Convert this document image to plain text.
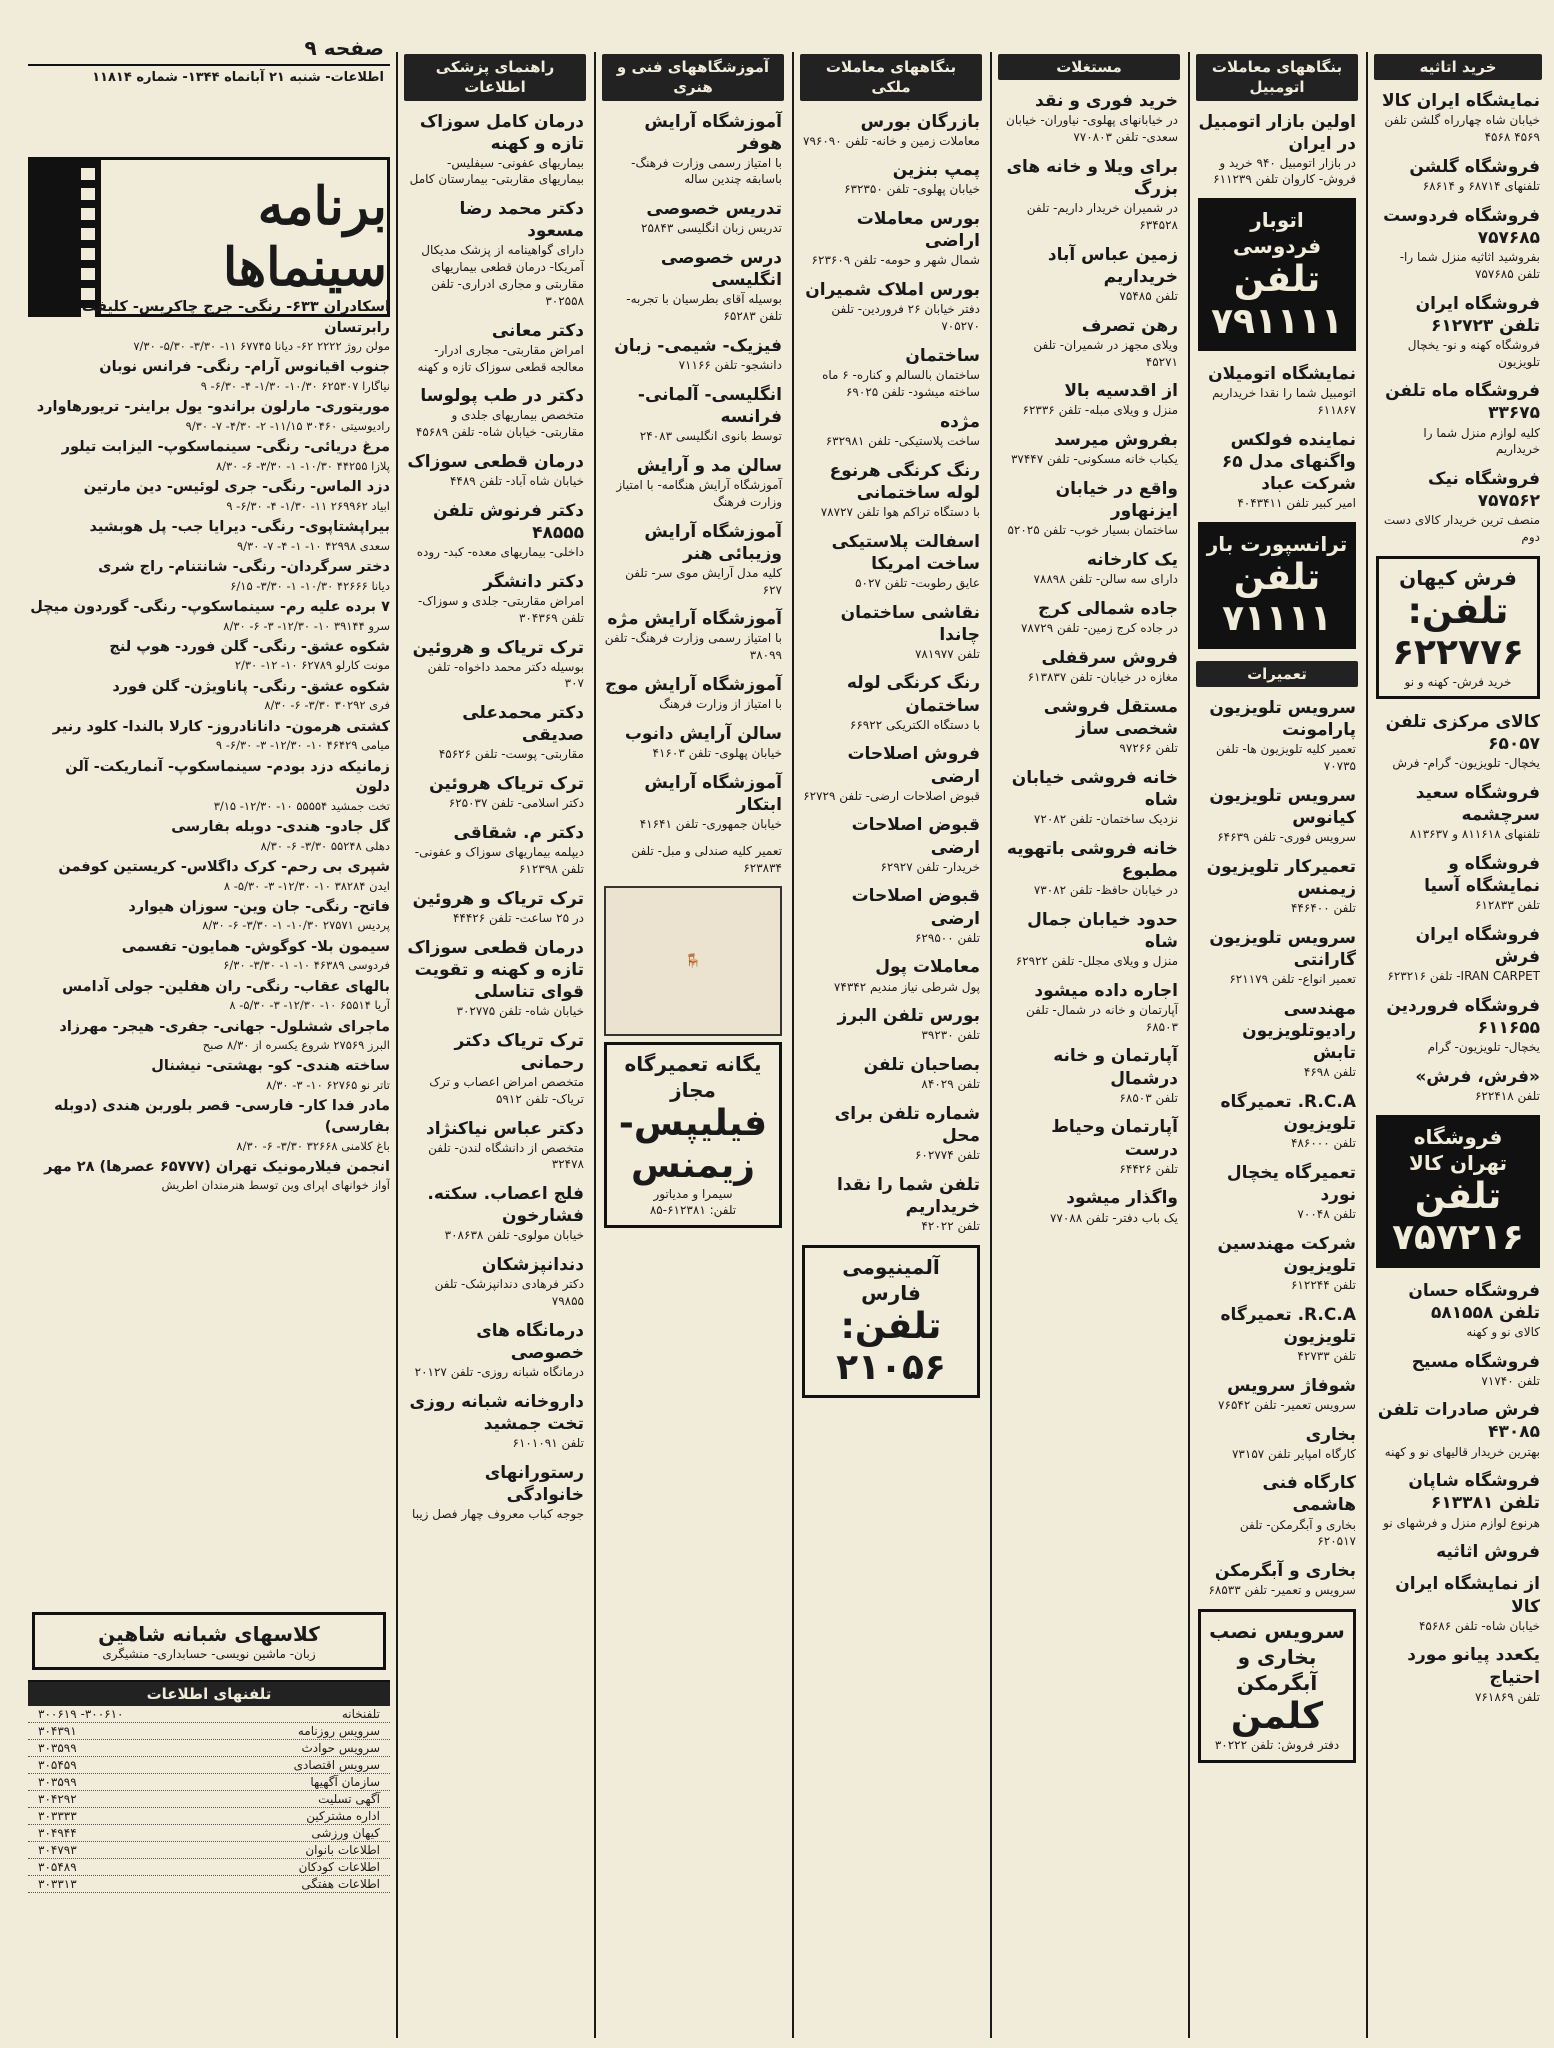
صفحه ۹
اطلاعات- شنبه ۲۱ آبانماه ۱۳۴۴- شماره ۱۱۸۱۴
برنامه سینماها
اسکادران ۶۳۳- رنگی- جرج چاکریس- کلیفت رابرتسان
مولن روژ ۲۲۲۲ ۶۲- دیانا ۶۷۷۴۵ ۱۱- ۳/۳۰- ۵/۳۰- ۷/۳۰
جنوب اقیانوس آرام- رنگی- فرانس نوبان
نیاگارا ۶۲۵۳۰۷ ۱۰/۳۰- ۱/۳۰- ۴- ۶/۳۰- ۹
موریتوری- مارلون براندو- یول براینر- تریورهاوارد
رادیوسیتی ۳۰۴۶۰ ۱۱/۱۵- ۲- ۴/۳۰- ۷- ۹/۳۰
مرغ دریائی- رنگی- سینماسکوپ- الیزابت تیلور
پلازا ۴۴۲۵۵ ۱۰/۳۰- ۱- ۳/۳۰- ۶- ۸/۳۰
دزد الماس- رنگی- جری لوئیس- دین مارتین
ابیاد ۲۶۹۹۶۲ ۱۱- ۱/۳۰- ۴- ۶/۳۰- ۹
بیراپشتاپوی- رنگی- دیرایا جب- پل هوبشید
سعدی ۴۲۹۹۸ ۱۰- ۱- ۴- ۷- ۹/۳۰
دختر سرگردان- رنگی- شانتنام- راج شری
دیانا ۴۲۶۶۶ ۱۰/۳۰- ۱- ۳/۳۰- ۶/۱۵
۷ برده علیه رم- سینماسکوپ- رنگی- گوردون میچل
سرو ۳۹۱۴۴ ۱۰- ۱۲/۳۰- ۳- ۶- ۸/۳۰
شکوه عشق- رنگی- گلن فورد- هوپ لنج
مونت کارلو ۶۲۷۸۹ ۱۰- ۱۲- ۲/۳۰
شکوه عشق- رنگی- پاناویژن- گلن فورد
فری ۳۰۲۹۲ ۳/۳۰- ۶- ۸/۳۰
کشتی هرمون- دانانادروز- کارلا بالندا- کلود رنیر
میامی ۴۶۴۲۹ ۱۰- ۱۲/۳۰- ۳- ۶/۳۰- ۹
زمانیکه دزد بودم- سینماسکوپ- آنماریکت- آلن دلون
تخت جمشید ۵۵۵۵۴ ۱۰- ۱۲/۳۰- ۳/۱۵
گل جادو- هندی- دوبله بفارسی
دهلی ۵۵۲۴۸ ۳/۳۰- ۶- ۸/۳۰
شپری بی رحم- کرک داگلاس- کریستین کوفمن
ایدن ۳۸۲۸۴ ۱۰- ۱۲/۳۰- ۳- ۵/۳۰- ۸
فاتح- رنگی- جان وین- سوزان هیوارد
پردیس ۲۷۵۷۱ ۱۰/۳۰- ۱- ۳/۳۰- ۶- ۸/۳۰
سیمون بلا- کوگوش- همایون- تفسمی
فردوسی ۴۶۳۸۹ ۱۰- ۱- ۳/۳۰- ۶/۳۰
بالهای عقاب- رنگی- ران هفلین- جولی آدامس
آریا ۶۵۵۱۴ ۱۰- ۱۲/۳۰- ۳- ۵/۳۰- ۸
ماجرای ششلول- جهانی- جفری- هیجر- مهرزاد
البرز ۲۷۵۶۹ شروع یکسره از ۸/۳۰ صبح
ساخته هندی- کو- بهشتی- نیشنال
تاتر نو ۶۲۷۶۵ ۱۰- ۳- ۸/۳۰
مادر فدا کار- فارسی- قصر بلوربن هندی (دوبله بفارسی)
باغ کلامنی ۳۲۶۶۸ ۳/۳۰- ۶- ۸/۳۰
انجمن فیلارمونیک تهران (۶۵۷۷۷ عصرها) ۲۸ مهر
آواز خوانهای اپرای وین توسط هنرمندان اطریش
کلاسهای شبانه شاهین
زبان- ماشین نویسی- حسابداری- منشیگری
تلفنهای اطلاعات
تلفنخانه
۳۰۰۶۱۰- ۳۰۰۶۱۹
سرویس روزنامه
۳۰۴۳۹۱
سرویس حوادث
۳۰۳۵۹۹
سرویس اقتصادی
۳۰۵۴۵۹
سازمان آگهیها
۳۰۳۵۹۹
آگهی تسلیت
۳۰۴۲۹۲
اداره مشترکین
۳۰۳۳۳۳
کیهان ورزشی
۳۰۴۹۴۴
اطلاعات بانوان
۳۰۴۷۹۳
اطلاعات کودکان
۳۰۵۴۸۹
اطلاعات هفتگی
۳۰۳۳۱۳
راهنمای پزشکی اطلاعات
درمان کامل سوزاک تازه و کهنه
بیماریهای عفونی- سیفلیس- بیماریهای مقاربتی- بیمارستان کامل
دکتر محمد رضا مسعود
دارای گواهینامه از پزشک مدیکال آمریکا- درمان قطعی بیماریهای مقاربتی و مجاری ادراری- تلفن ۳۰۲۵۵۸
دکتر معانی
امراض مقاربتی- مجاری ادرار- معالجه قطعی سوزاک تازه و کهنه
دکتر در طب پولوسا
متخصص بیماریهای جلدی و مقاربتی- خیابان شاه- تلفن ۴۵۶۸۹
درمان قطعی سوزاک
خیابان شاه آباد- تلفن ۴۴۸۹
دکتر فرنوش تلفن ۴۸۵۵۵
داخلی- بیماریهای معده- کبد- روده
دکتر دانشگر
امراض مقاربتی- جلدی و سوزاک- تلفن ۳۰۴۳۶۹
ترک تریاک و هروئین
بوسیله دکتر محمد داخواه- تلفن ۳۰۷
دکتر محمدعلی صدیقی
مقاربتی- پوست- تلفن ۴۵۶۲۶
ترک تریاک هروئین
دکتر اسلامی- تلفن ۶۲۵۰۳۷
دکتر م. شقاقی
دیپلمه بیماریهای سوزاک و عفونی- تلفن ۶۱۲۳۹۸
ترک تریاک و هروئین
در ۲۵ ساعت- تلفن ۴۴۴۲۶
درمان قطعی سوزاک تازه و کهنه و تقویت قوای تناسلی
خیابان شاه- تلفن ۳۰۲۷۷۵
ترک تریاک دکتر رحمانی
متخصص امراض اعصاب و ترک تریاک- تلفن ۵۹۱۲
دکتر عباس نیاکنژاد
متخصص از دانشگاه لندن- تلفن ۳۲۴۷۸
فلج اعصاب. سکته. فشارخون
خیابان مولوی- تلفن ۳۰۸۶۳۸
دندانپزشکان
دکتر فرهادی دندانپزشک- تلفن ۷۹۸۵۵
درمانگاه های خصوصی
درمانگاه شبانه روزی- تلفن ۲۰۱۲۷
داروخانه شبانه روزی تخت جمشید
تلفن ۶۱۰۱۰۹۱
رستورانهای خانوادگی
جوجه کباب معروف چهار فصل زیبا
آموزشگاههای فنی و هنری
آموزشگاه آرایش هوفر
با امتیاز رسمی وزارت فرهنگ- باسابقه چندین ساله
تدریس خصوصی
تدریس زبان انگلیسی ۲۵۸۴۳
درس خصوصی انگلیسی
بوسیله آقای بطرسیان با تجربه- تلفن ۶۵۲۸۳
فیزیک- شیمی- زبان
دانشجو- تلفن ۷۱۱۶۶
انگلیسی- آلمانی- فرانسه
توسط بانوی انگلیسی ۲۴۰۸۳
سالن مد و آرایش
آموزشگاه آرایش هنگامه- با امتیاز وزارت فرهنگ
آموزشگاه آرایش وزیبائی هنر
کلیه مدل آرایش موی سر- تلفن ۶۲۷
آموزشگاه آرایش مژه
با امتیاز رسمی وزارت فرهنگ- تلفن ۳۸۰۹۹
آموزشگاه آرایش موج
با امتیاز از وزارت فرهنگ
سالن آرایش دانوب
خیابان پهلوی- تلفن ۴۱۶۰۳
آموزشگاه آرایش ابتکار
خیابان جمهوری- تلفن ۴۱۶۴۱
تعمیر کلیه صندلی و مبل- تلفن ۶۲۳۸۳۴
🪑
یگانه تعمیرگاه مجاز
فیلیپس- زیمنس
سیمرا و مدیاتور
تلفن: ۶۱۲۳۸۱-۸۵
بنگاههای معاملات ملکی
بازرگان بورس
معاملات زمین و خانه- تلفن ۷۹۶۰۹۰
پمپ بنزین
خیابان پهلوی- تلفن ۶۳۲۳۵۰
بورس معاملات اراضی
شمال شهر و حومه- تلفن ۶۲۳۶۰۹
بورس املاک شمیران
دفتر خیابان ۲۶ فروردین- تلفن ۷۰۵۲۷۰
ساختمان
ساختمان بالسالم و کناره- ۶ ماه ساخته میشود- تلفن ۶۹۰۲۵
مژده
ساخت پلاستیکی- تلفن ۶۳۲۹۸۱
رنگ کرنگی هرنوع لوله ساختمانی
با دستگاه تراکم هوا تلفن ۷۸۷۲۷
اسفالت پلاستیکی ساخت امریکا
عایق رطوبت- تلفن ۵۰۲۷
نقاشی ساختمان چاندا
تلفن ۷۸۱۹۷۷
رنگ کرنگی لوله ساختمان
با دستگاه الکتریکی ۶۶۹۲۲
فروش اصلاحات ارضی
قبوض اصلاحات ارضی- تلفن ۶۲۷۲۹
قبوض اصلاحات ارضی
خریدار- تلفن ۶۲۹۲۷
قبوض اصلاحات ارضی
تلفن ۶۲۹۵۰۰
معاملات پول
پول شرطی نیاز مندیم ۷۴۳۴۲
بورس تلفن البرز
تلفن ۳۹۲۳۰
بصاحبان تلفن
تلفن ۸۴۰۲۹
شماره تلفن برای محل
تلفن ۶۰۲۷۷۴
تلفن شما را نقدا خریداریم
تلفن ۴۲۰۲۲
آلمینیومی فارس
تلفن: ۲۱۰۵۶
مستغلات
خرید فوری و نقد
در خیابانهای پهلوی- نیاوران- خیابان سعدی- تلفن ۷۷۰۸۰۳
برای ویلا و خانه های بزرگ
در شمیران خریدار داریم- تلفن ۶۳۴۵۲۸
زمین عباس آباد خریداریم
تلفن ۷۵۴۸۵
رهن تصرف
ویلای مجهز در شمیران- تلفن ۴۵۲۷۱
از اقدسیه بالا
منزل و ویلای مبله- تلفن ۶۲۳۳۶
بفروش میرسد
یکباب خانه مسکونی- تلفن ۳۷۴۴۷
واقع در خیابان ایزنهاور
ساختمان بسیار خوب- تلفن ۵۲۰۲۵
یک کارخانه
دارای سه سالن- تلفن ۷۸۸۹۸
جاده شمالی کرج
در جاده کرج زمین- تلفن ۷۸۷۲۹
فروش سرقفلی
مغازه در خیابان- تلفن ۶۱۳۸۳۷
مستقل فروشی شخصی ساز
تلفن ۹۷۲۶۶
خانه فروشی خیابان شاه
نزدیک ساختمان- تلفن ۷۲۰۸۲
خانه فروشی باتهویه مطبوع
در خیابان حافظ- تلفن ۷۳۰۸۲
حدود خیابان جمال شاه
منزل و ویلای مجلل- تلفن ۶۲۹۲۲
اجاره داده میشود
آپارتمان و خانه در شمال- تلفن ۶۸۵۰۳
آپارتمان و خانه درشمال
تلفن ۶۸۵۰۳
آپارتمان وحیاط درست
تلفن ۶۴۴۲۶
واگذار میشود
یک باب دفتر- تلفن ۷۷۰۸۸
بنگاههای معاملات اتومبیل
اولین بازار اتومبیل در ایران
در بازار اتومبیل ۹۴۰ خرید و فروش- کاروان تلفن ۶۱۱۲۳۹
اتوبار فردوسی
تلفن ۷۹۱۱۱۱
نمایشگاه اتومیلان
اتومبیل شما را نقدا خریداریم ۶۱۱۸۶۷
نماینده فولکس واگنهای مدل ۶۵ شرکت عباد
امیر کبیر تلفن ۴۰۴۳۴۱۱
ترانسپورت بار
تلفن ۷۱۱۱۱
تعمیرات
سرویس تلویزیون پارامونت
تعمیر کلیه تلویزیون ها- تلفن ۷۰۷۳۵
سرویس تلویزیون کیانوس
سرویس فوری- تلفن ۶۴۶۳۹
تعمیرکار تلویزیون زیمنس
تلفن ۴۴۶۴۰۰
سرویس تلویزیون گارانتی
تعمیر انواع- تلفن ۶۲۱۱۷۹
مهندسی رادیوتلویزیون تابش
تلفن ۴۶۹۸
R.C.A. تعمیرگاه تلویزیون
تلفن ۴۸۶۰۰۰
تعمیرگاه یخچال نورد
تلفن ۷۰۰۴۸
شرکت مهندسین تلویزیون
تلفن ۶۱۲۲۴۴
R.C.A. تعمیرگاه تلویزیون
تلفن ۴۲۷۳۳
شوفاژ سرویس
سرویس تعمیر- تلفن ۷۶۵۴۲
بخاری
کارگاه امپایر تلفن ۷۳۱۵۷
کارگاه فنی هاشمی
بخاری و آبگرمکن- تلفن ۶۲۰۵۱۷
بخاری و آبگرمکن
سرویس و تعمیر- تلفن ۶۸۵۳۳
سرویس نصب بخاری و آبگرمکن
کلمن
دفتر فروش: تلفن ۳۰۲۲۲
خرید اتاثیه
نمایشگاه ایران کالا
خیابان شاه چهارراه گلشن تلفن ۴۵۶۹ ۴۵۶۸
فروشگاه گلشن
تلفنهای ۶۸۷۱۴ و ۶۸۶۱۴
فروشگاه فردوست ۷۵۷۶۸۵
بفروشید اثاثیه منزل شما را- تلفن ۷۵۷۶۸۵
فروشگاه ایران تلفن ۶۱۲۷۲۳
فروشگاه کهنه و نو- یخچال تلویزیون
فروشگاه ماه تلفن ۳۳۶۷۵
کلیه لوازم منزل شما را خریداریم
فروشگاه نیک ۷۵۷۵۶۲
منصف ترین خریدار کالای دست دوم
فرش کیهان
تلفن: ۶۲۲۷۷۶
خرید فرش- کهنه و نو
کالای مرکزی تلفن ۶۵۰۵۷
یخچال- تلویزیون- گرام- فرش
فروشگاه سعید سرچشمه
تلفنهای ۸۱۱۶۱۸ و ۸۱۳۶۳۷
فروشگاه و نمایشگاه آسیا
تلفن ۶۱۲۸۳۳
فروشگاه ایران فرش
IRAN CARPET- تلفن ۶۲۳۲۱۶
فروشگاه فروردین ۶۱۱۶۵۵
یخچال- تلویزیون- گرام
«فرش، فرش»
تلفن ۶۲۲۴۱۸
فروشگاه تهران کالا
تلفن ۷۵۷۲۱۶
فروشگاه حسان تلفن ۵۸۱۵۵۸
کالای نو و کهنه
فروشگاه مسیح
تلفن ۷۱۷۴۰
فرش صادرات تلفن ۴۳۰۸۵
بهترین خریدار قالیهای نو و کهنه
فروشگاه شاپان تلفن ۶۱۳۳۸۱
هرنوع لوازم منزل و فرشهای نو
فروش اثاثیه
از نمایشگاه ایران کالا
خیابان شاه- تلفن ۴۵۶۸۶
یکعدد پیانو مورد احتیاج
تلفن ۷۶۱۸۶۹
